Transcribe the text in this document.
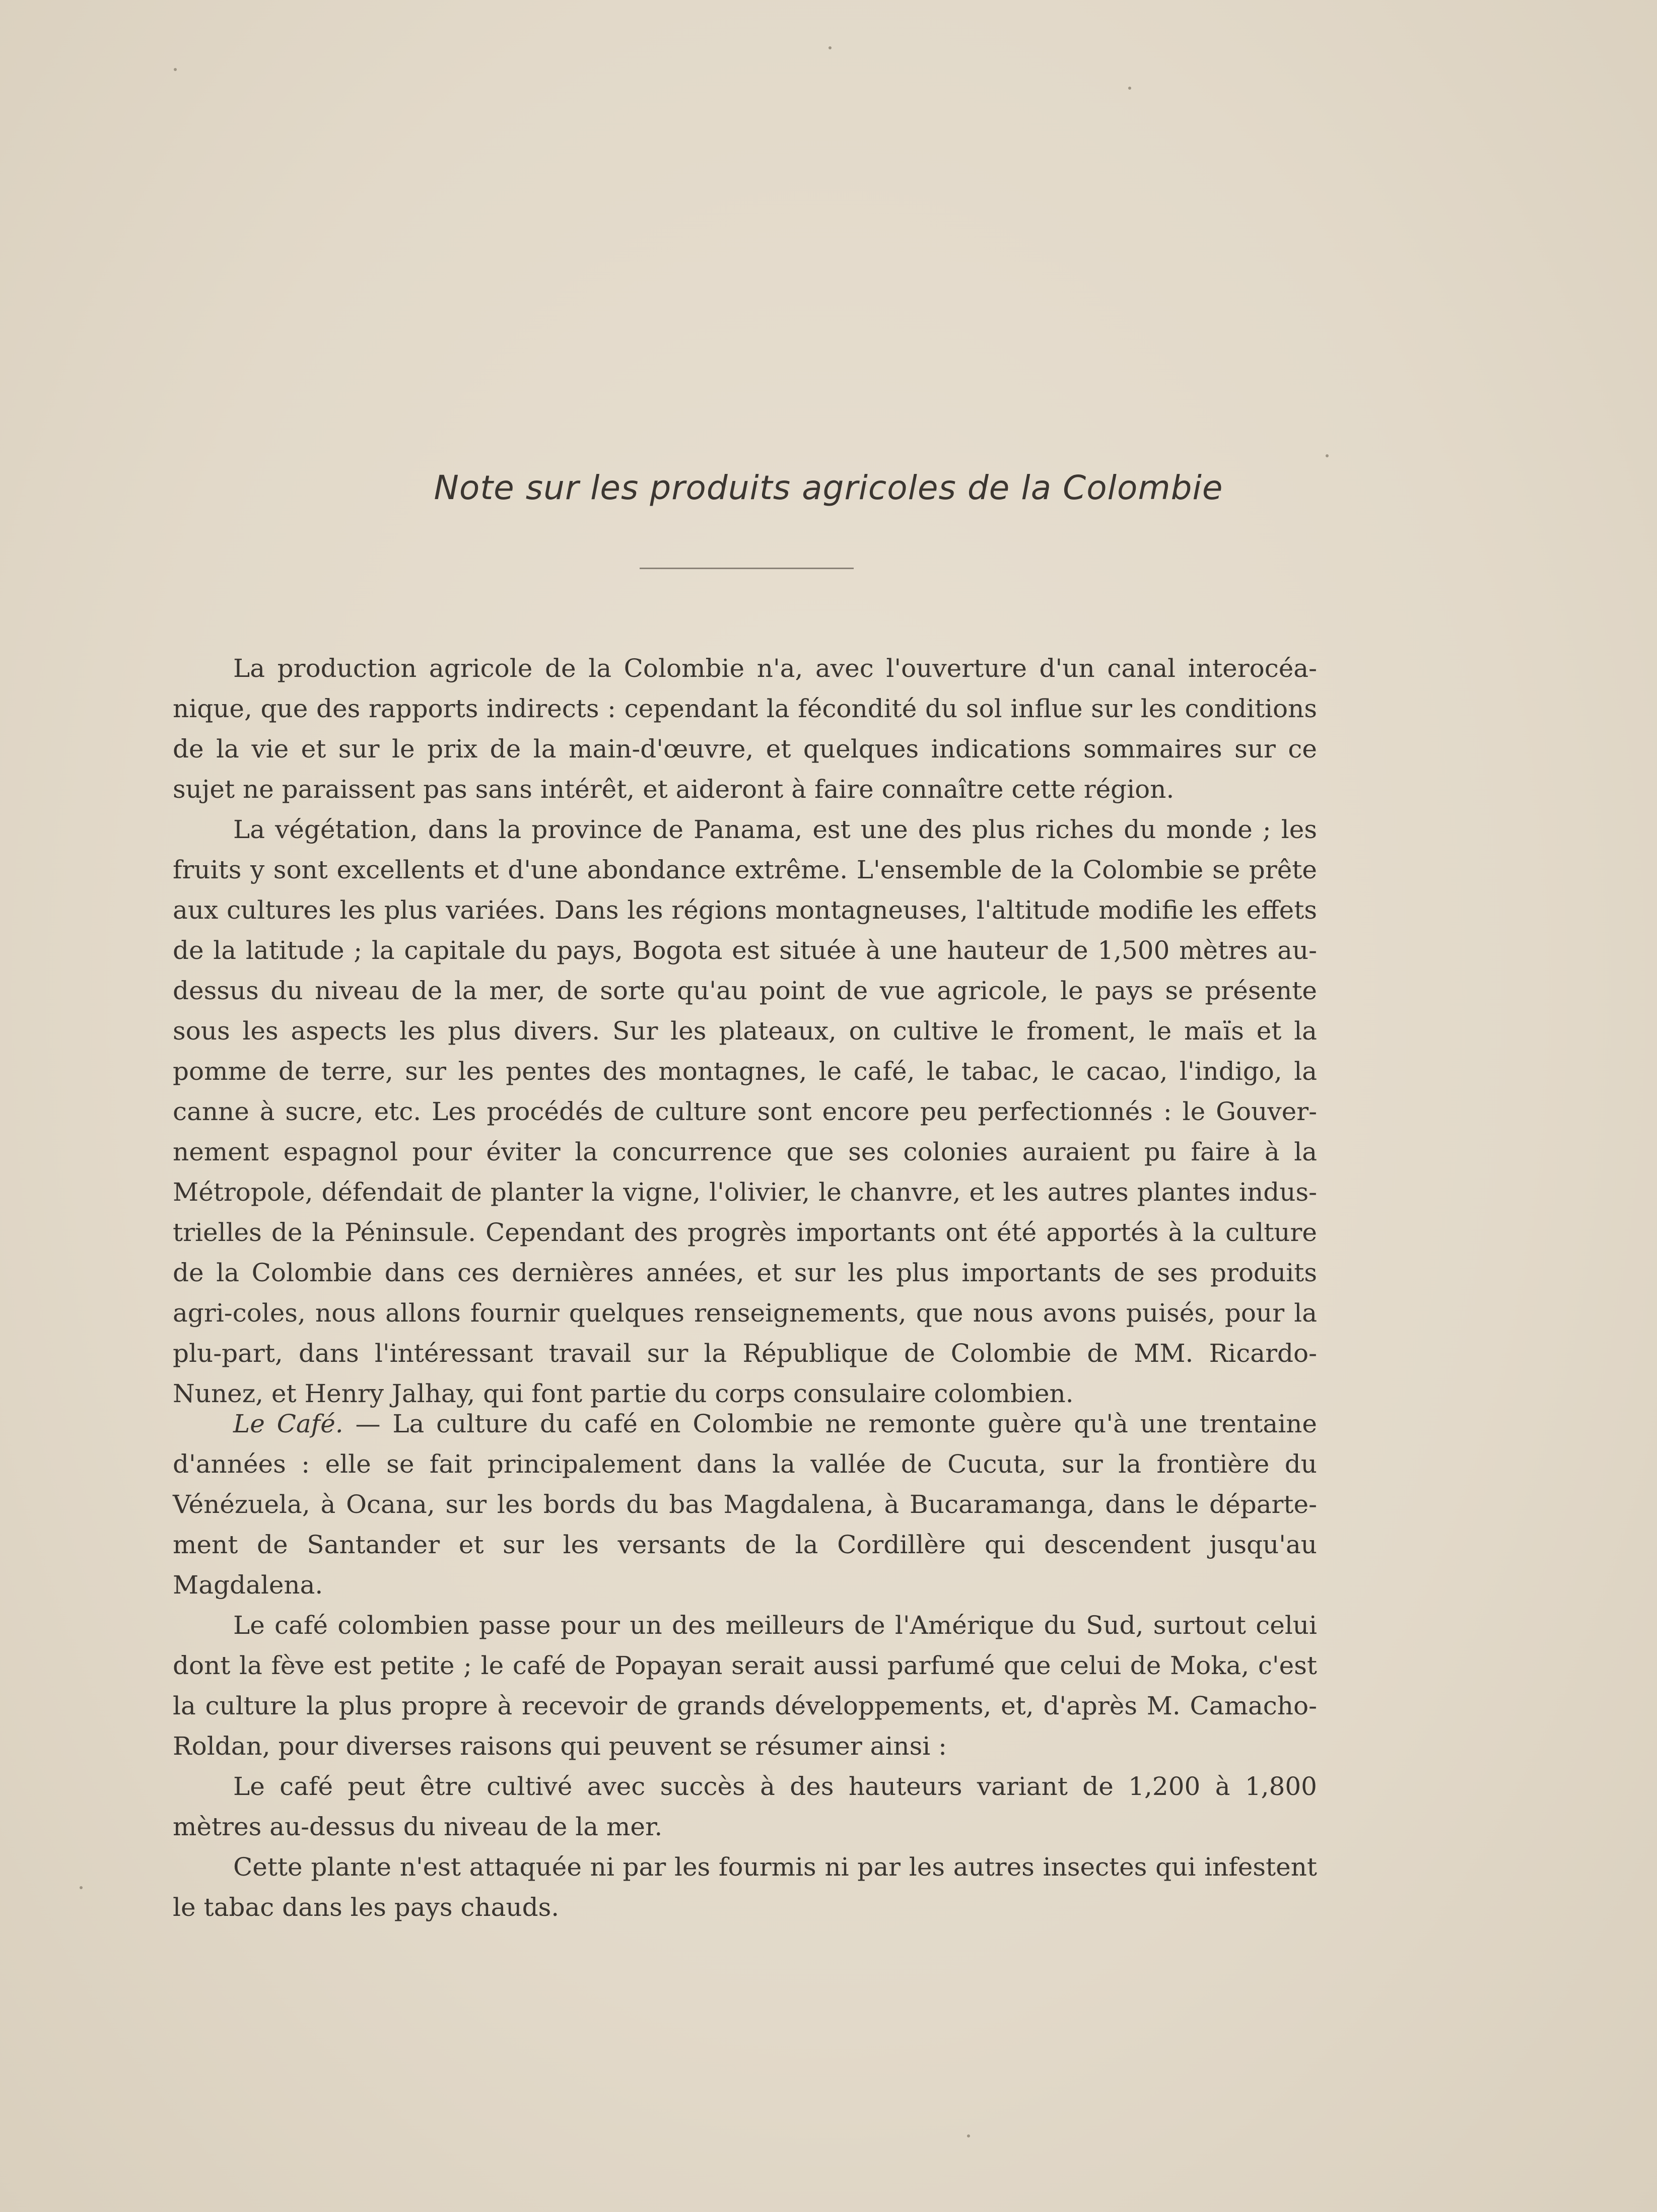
Note sur les produits agricoles de la Colombie

La production agricole de la Colombie n'a, avec l'ouverture d'un canal interocéa-nique, que des rapports indirects : cependant la fécondité du sol influe sur les conditions de la vie et sur le prix de la main-d'œuvre, et quelques indications sommaires sur ce sujet ne paraissent pas sans intérêt, et aideront à faire connaître cette région.

La végétation, dans la province de Panama, est une des plus riches du monde ; les fruits y sont excellents et d'une abondance extrême. L'ensemble de la Colombie se prête aux cultures les plus variées. Dans les régions montagneuses, l'altitude modifie les effets de la latitude ; la capitale du pays, Bogota est située à une hauteur de 1,500 mètres au-dessus du niveau de la mer, de sorte qu'au point de vue agricole, le pays se présente sous les aspects les plus divers. Sur les plateaux, on cultive le froment, le maïs et la pomme de terre, sur les pentes des montagnes, le café, le tabac, le cacao, l'indigo, la canne à sucre, etc. Les procédés de culture sont encore peu perfectionnés : le Gouver-nement espagnol pour éviter la concurrence que ses colonies auraient pu faire à la Métropole, défendait de planter la vigne, l'olivier, le chanvre, et les autres plantes indus-trielles de la Péninsule. Cependant des progrès importants ont été apportés à la culture de la Colombie dans ces dernières années, et sur les plus importants de ses produits agri-coles, nous allons fournir quelques renseignements, que nous avons puisés, pour la plu-part, dans l'intéressant travail sur la République de Colombie de MM. Ricardo-Nunez, et Henry Jalhay, qui font partie du corps consulaire colombien.

Le Café. — La culture du café en Colombie ne remonte guère qu'à une trentaine d'années : elle se fait principalement dans la vallée de Cucuta, sur la frontière du Vénézuela, à Ocana, sur les bords du bas Magdalena, à Bucaramanga, dans le départe-ment de Santander et sur les versants de la Cordillère qui descendent jusqu'au Magdalena.

Le café colombien passe pour un des meilleurs de l'Amérique du Sud, surtout celui dont la fève est petite ; le café de Popayan serait aussi parfumé que celui de Moka, c'est la culture la plus propre à recevoir de grands développements, et, d'après M. Camacho-Roldan, pour diverses raisons qui peuvent se résumer ainsi :

Le café peut être cultivé avec succès à des hauteurs variant de 1,200 à 1,800 mètres au-dessus du niveau de la mer.

Cette plante n'est attaquée ni par les fourmis ni par les autres insectes qui infestent le tabac dans les pays chauds.
